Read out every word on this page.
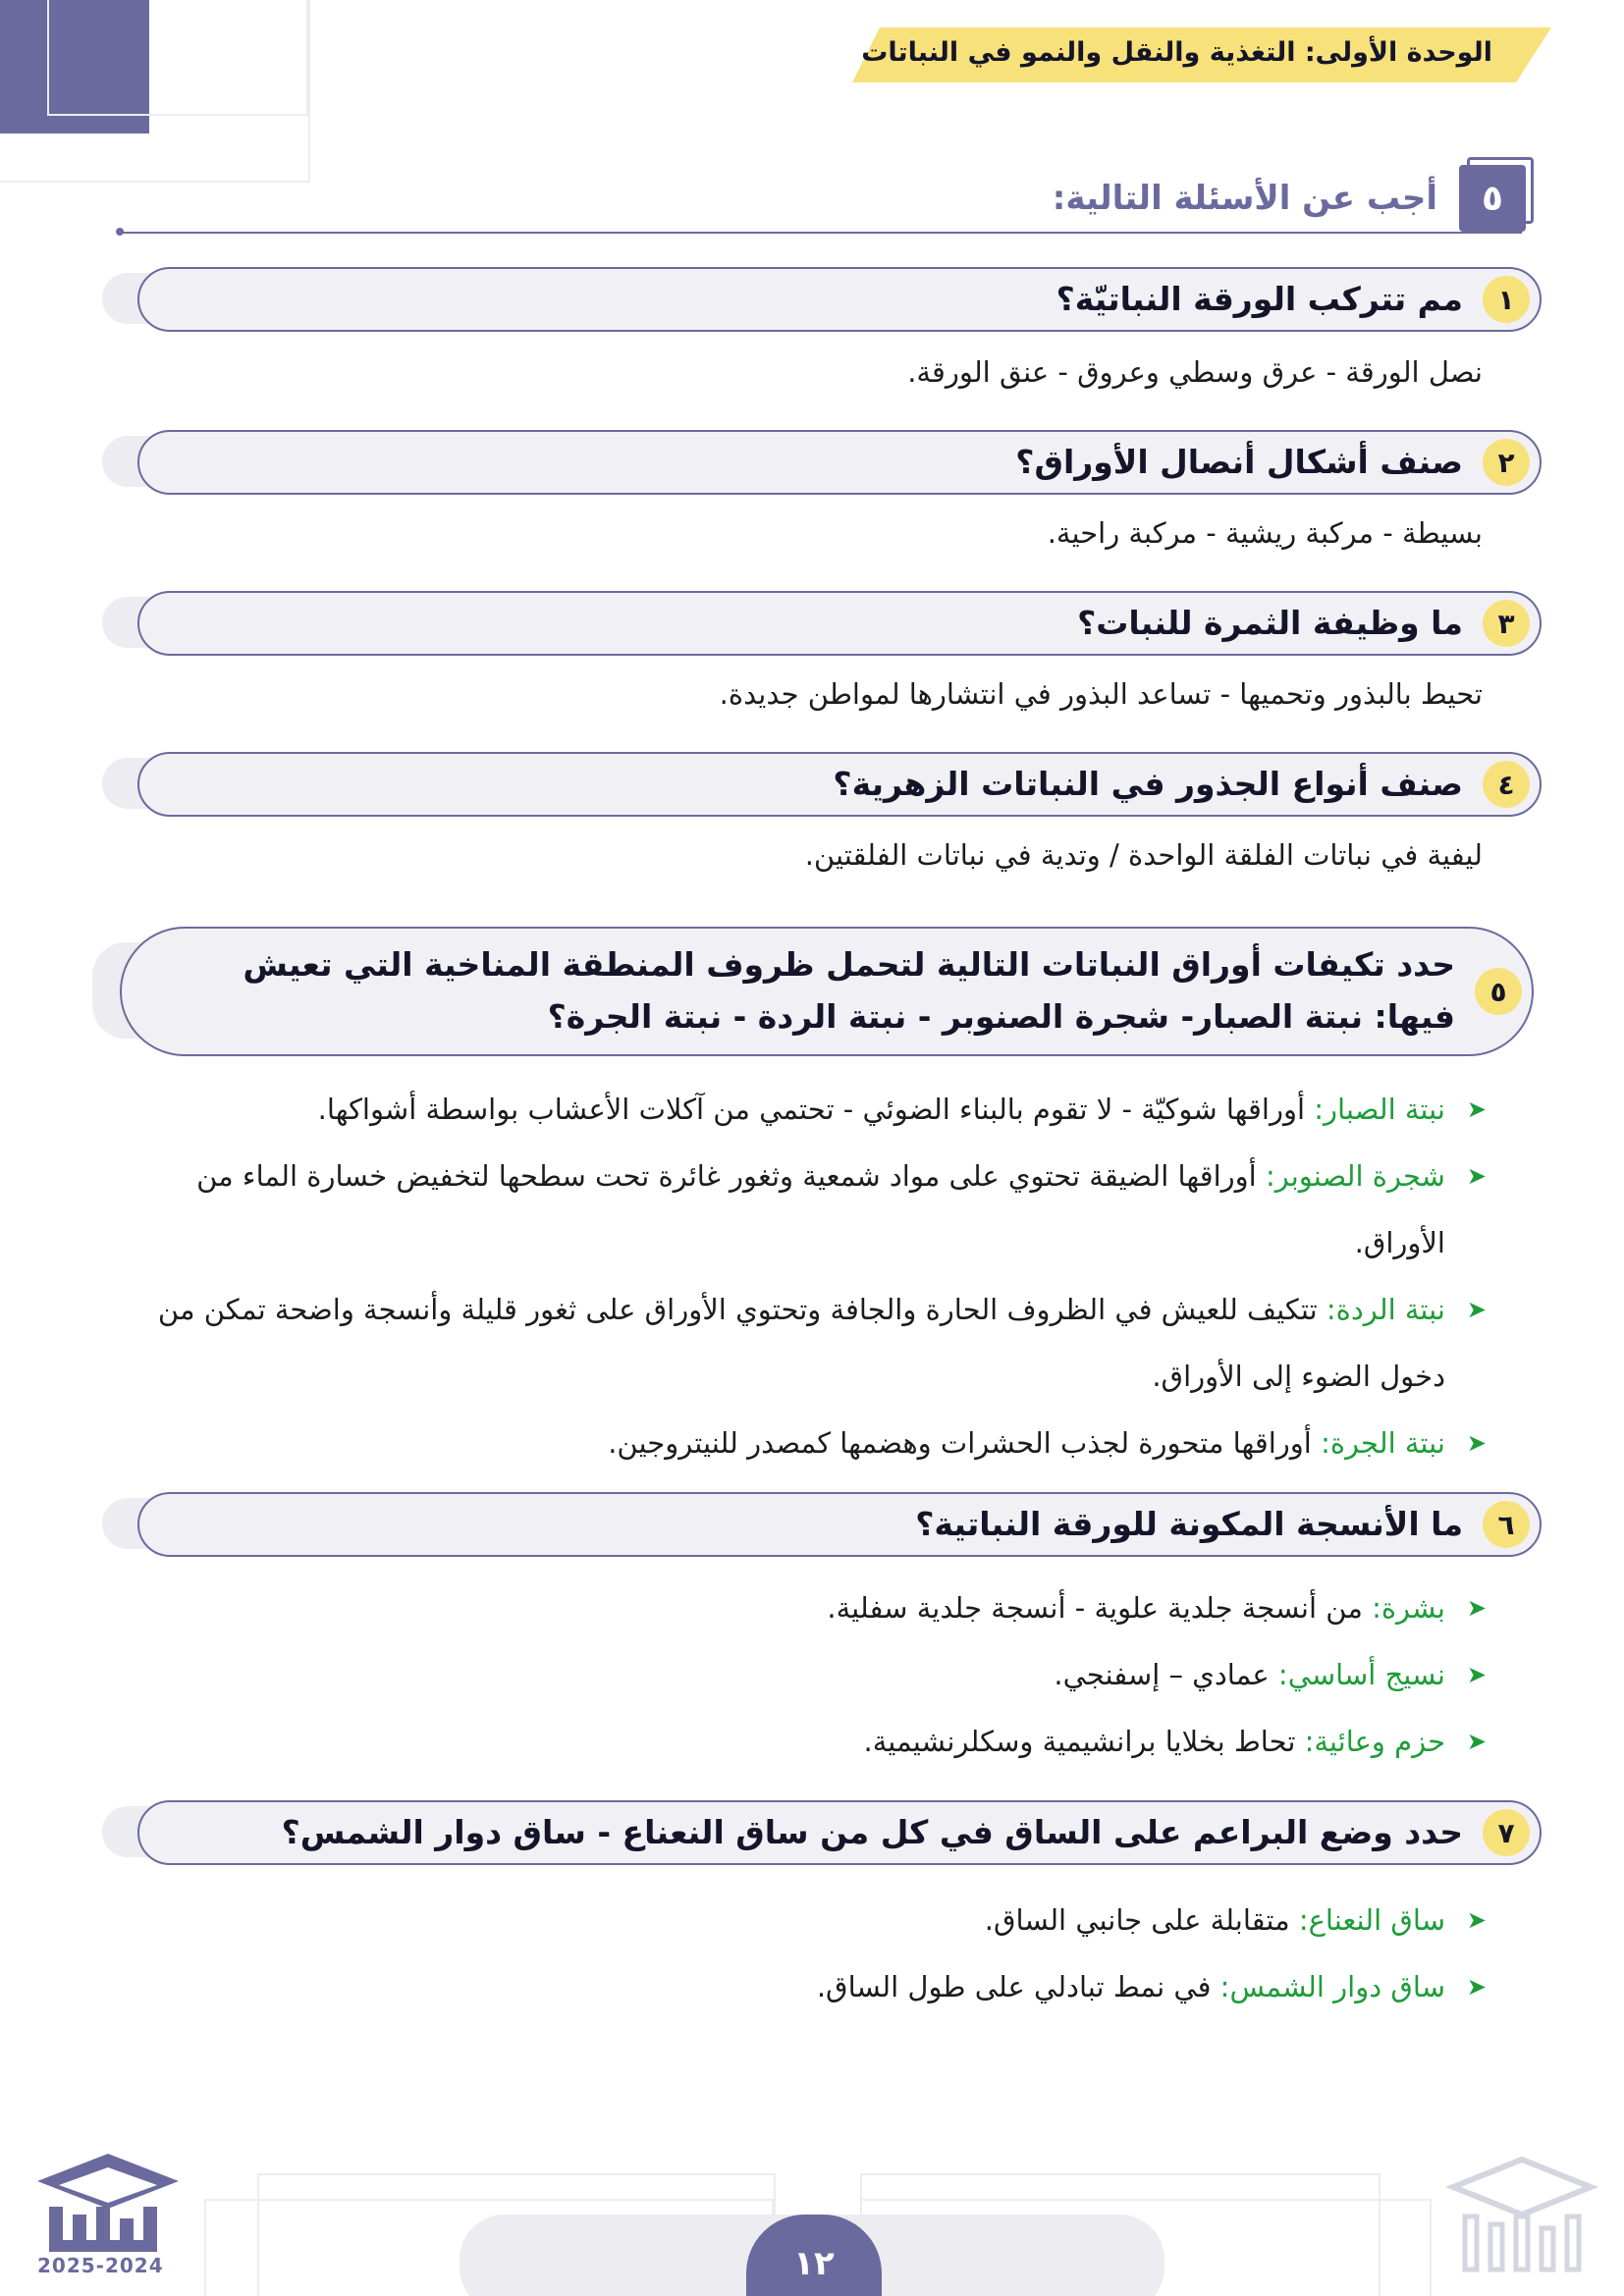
الوحدة الأولى: التغذية والنقل والنمو في النباتات
٥
أجب عن الأسئلة التالية:
١
مم تتركب الورقة النباتيّة؟
نصل الورقة - عرق وسطي وعروق - عنق الورقة.
٢
صنف أشكال أنصال الأوراق؟
بسيطة - مركبة ريشية - مركبة راحية.
٣
ما وظيفة الثمرة للنبات؟
تحيط بالبذور وتحميها - تساعد البذور في انتشارها لمواطن جديدة.
٤
صنف أنواع الجذور في النباتات الزهرية؟
ليفية في نباتات الفلقة الواحدة / وتدية في نباتات الفلقتين.
٥
حدد تكيفات أوراق النباتات التالية لتحمل ظروف المنطقة المناخية التي تعيش فيها: نبتة الصبار- شجرة الصنوبر - نبتة الردة - نبتة الجرة؟
➤
نبتة الصبار: أوراقها شوكيّة - لا تقوم بالبناء الضوئي - تحتمي من آكلات الأعشاب بواسطة أشواكها.
➤
شجرة الصنوبر: أوراقها الضيقة تحتوي على مواد شمعية وثغور غائرة تحت سطحها لتخفيض خسارة الماء من الأوراق.
➤
نبتة الردة: تتكيف للعيش في الظروف الحارة والجافة وتحتوي الأوراق على ثغور قليلة وأنسجة واضحة تمكن من دخول الضوء إلى الأوراق.
➤
نبتة الجرة: أوراقها متحورة لجذب الحشرات وهضمها كمصدر للنيتروجين.
٦
ما الأنسجة المكونة للورقة النباتية؟
➤
بشرة: من أنسجة جلدية علوية - أنسجة جلدية سفلية.
➤
نسيج أساسي: عمادي – إسفنجي.
➤
حزم وعائية: تحاط بخلايا برانشيمية وسكلرنشيمية.
٧
حدد وضع البراعم على الساق في كل من ساق النعناع - ساق دوار الشمس؟
➤
ساق النعناع: متقابلة على جانبي الساق.
➤
ساق دوار الشمس: في نمط تبادلي على طول الساق.
١٢
2025-2024
